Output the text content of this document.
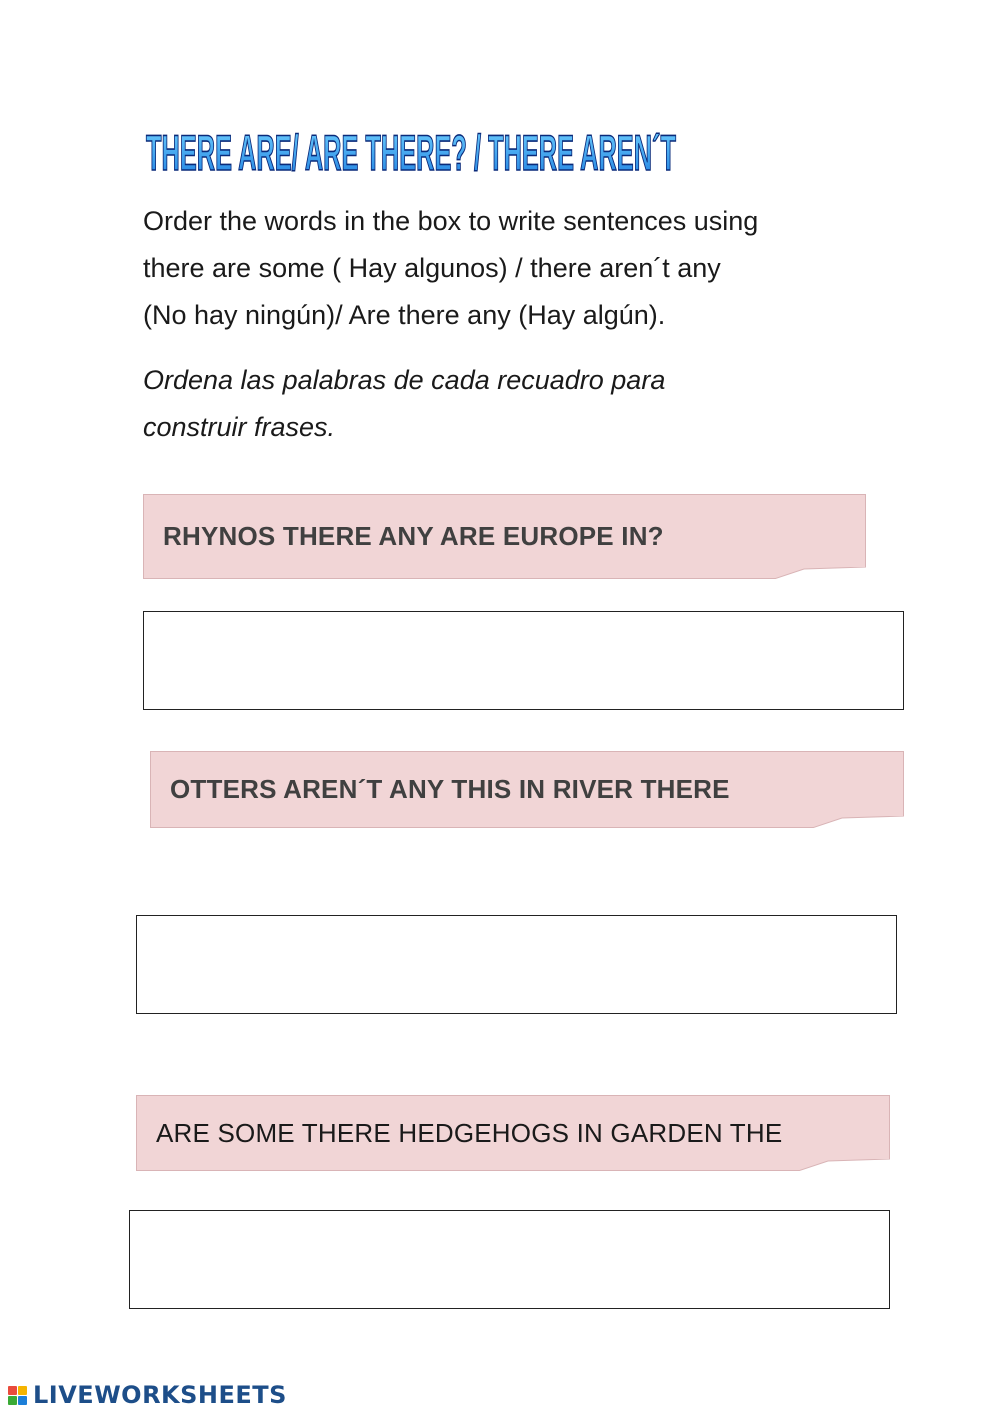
THERE ARE/ ARE THERE? / THERE AREN´T

Order the words in the box to write sentences using
there are some ( Hay algunos) / there aren´t any
(No hay ningún)/ Are there any (Hay algún).

Ordena las palabras de cada recuadro para
construir frases.

RHYNOS THERE ANY ARE EUROPE IN?
OTTERS AREN´T ANY THIS IN RIVER THERE
ARE SOME THERE HEDGEHOGS IN GARDEN THE
LIVEWORKSHEETS
